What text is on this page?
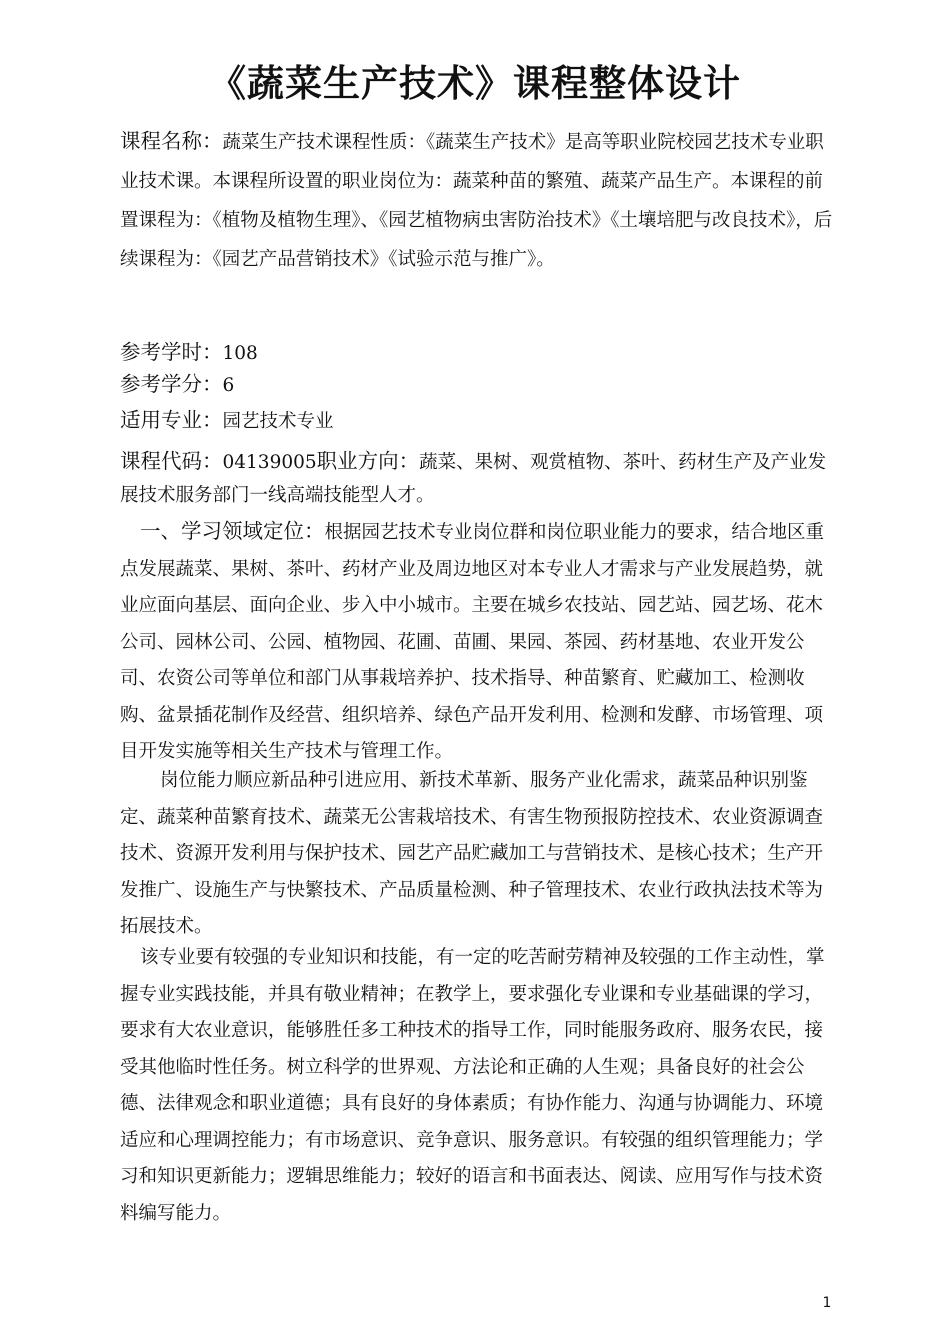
《蔬菜生产技术》课程整体设计

课程名称：蔬菜生产技术课程性质：《蔬菜生产技术》是高等职业院校园艺技术专业职业技术课。本课程所设置的职业岗位为：蔬菜种苗的繁殖、蔬菜产品生产。本课程的前置课程为：《植物及植物生理》、《园艺植物病虫害防治技术》《土壤培肥与改良技术》，后续课程为：《园艺产品营销技术》《试验示范与推广》。

参考学时：108

参考学分：6

适用专业：园艺技术专业

课程代码：04139005职业方向：蔬菜、果树、观赏植物、茶叶、药材生产及产业发展技术服务部门一线高端技能型人才。

一、学习领域定位：根据园艺技术专业岗位群和岗位职业能力的要求，结合地区重点发展蔬菜、果树、茶叶、药材产业及周边地区对本专业人才需求与产业发展趋势，就业应面向基层、面向企业、步入中小城市。主要在城乡农技站、园艺站、园艺场、花木公司、园林公司、公园、植物园、花圃、苗圃、果园、茶园、药材基地、农业开发公司、农资公司等单位和部门从事栽培养护、技术指导、种苗繁育、贮藏加工、检测收购、盆景插花制作及经营、组织培养、绿色产品开发利用、检测和发酵、市场管理、项目开发实施等相关生产技术与管理工作。

岗位能力顺应新品种引进应用、新技术革新、服务产业化需求，蔬菜品种识别鉴定、蔬菜种苗繁育技术、蔬菜无公害栽培技术、有害生物预报防控技术、农业资源调查技术、资源开发利用与保护技术、园艺产品贮藏加工与营销技术、是核心技术；生产开发推广、设施生产与快繁技术、产品质量检测、种子管理技术、农业行政执法技术等为拓展技术。

该专业要有较强的专业知识和技能，有一定的吃苦耐劳精神及较强的工作主动性，掌握专业实践技能，并具有敬业精神；在教学上，要求强化专业课和专业基础课的学习，要求有大农业意识，能够胜任多工种技术的指导工作，同时能服务政府、服务农民，接受其他临时性任务。树立科学的世界观、方法论和正确的人生观；具备良好的社会公德、法律观念和职业道德；具有良好的身体素质；有协作能力、沟通与协调能力、环境适应和心理调控能力；有市场意识、竞争意识、服务意识。有较强的组织管理能力；学习和知识更新能力；逻辑思维能力；较好的语言和书面表达、阅读、应用写作与技术资料编写能力。

1
